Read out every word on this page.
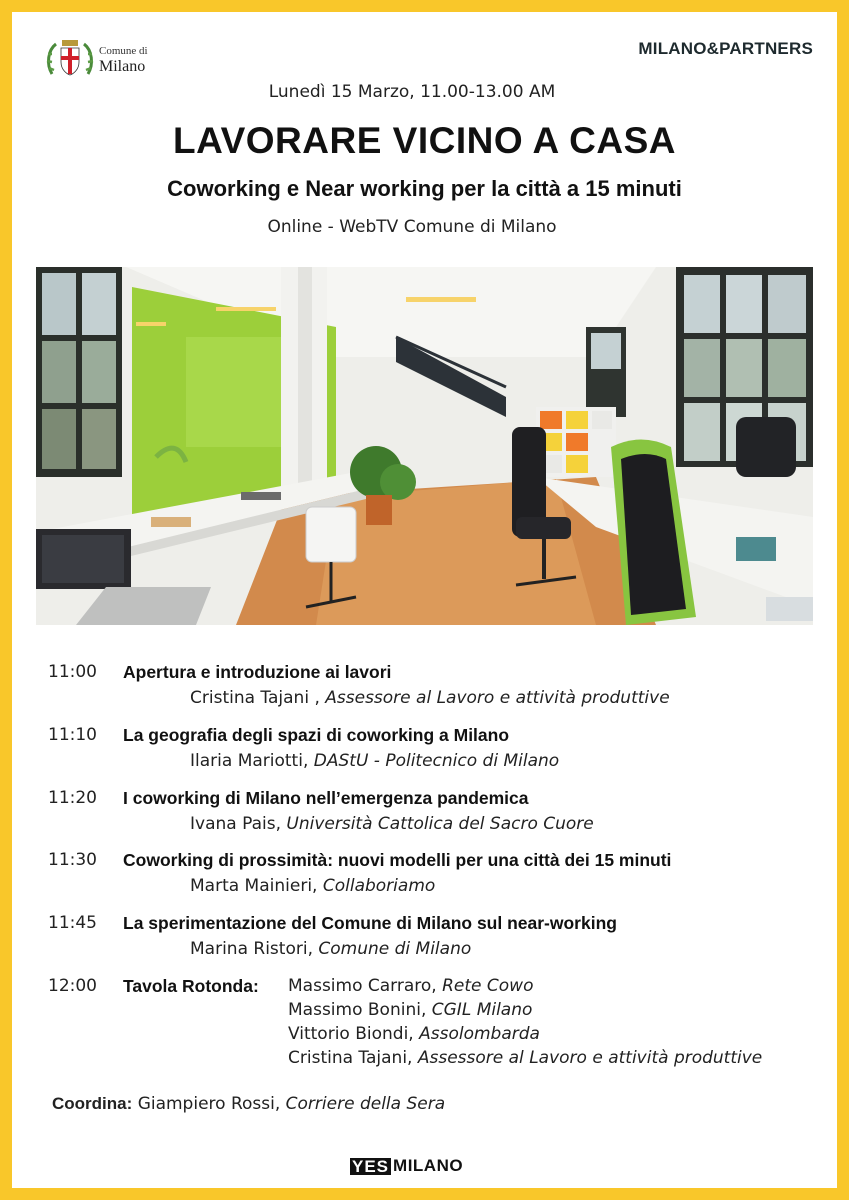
Comune di
Milano
MILANO&PARTNERS
Lunedì 15 Marzo, 11.00-13.00 AM
LAVORARE VICINO A CASA
Coworking e Near working per la città a 15 minuti
Online - WebTV Comune di Milano
11:00	Apertura e introduzione ai lavori
Cristina Tajani , Assessore al Lavoro e attività produttive
11:10	La geografia degli spazi di coworking a Milano
Ilaria Mariotti, DAStU - Politecnico di Milano
11:20	I coworking di Milano nell’emergenza pandemica
Ivana Pais, Università Cattolica del Sacro Cuore
11:30	Coworking di prossimità: nuovi modelli per una città dei 15 minuti
Marta Mainieri, Collaboriamo
11:45	La sperimentazione del Comune di Milano sul near-working
Marina Ristori, Comune di Milano
12:00	Tavola Rotonda: Massimo Carraro, Rete Cowo
Massimo Bonini, CGIL Milano
Vittorio Biondi, Assolombarda
Cristina Tajani, Assessore al Lavoro e attività produttive
Coordina: Giampiero Rossi, Corriere della Sera
YES MILANO
